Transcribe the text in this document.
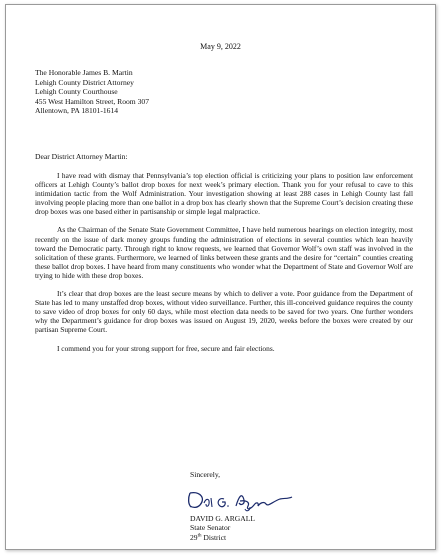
May 9, 2022
The Honorable James B. Martin
Lehigh County District Attorney
Lehigh County Courthouse
455 West Hamilton Street, Room 307
Allentown, PA 18101-1614
Dear District Attorney Martin:

I have read with dismay that Pennsylvania’s top election official is criticizing your plans to position law enforcement officers at Lehigh County’s ballot drop boxes for next week’s primary election. Thank you for your refusal to cave to this intimidation tactic from the Wolf Administration. Your investigation showing at least 288 cases in Lehigh County last fall involving people placing more than one ballot in a drop box has clearly shown that the Supreme Court’s decision creating these drop boxes was one based either in partisanship or simple legal malpractice.

As the Chairman of the Senate State Government Committee, I have held numerous hearings on election integrity, most recently on the issue of dark money groups funding the administration of elections in several counties which lean heavily toward the Democratic party. Through right to know requests, we learned that Governor Wolf’s own staff was involved in the solicitation of these grants. Furthermore, we learned of links between these grants and the desire for “certain” counties creating these ballot drop boxes. I have heard from many constituents who wonder what the Department of State and Governor Wolf are trying to hide with these drop boxes.

It’s clear that drop boxes are the least secure means by which to deliver a vote. Poor guidance from the Department of State has led to many unstaffed drop boxes, without video surveillance. Further, this ill-conceived guidance requires the county to save video of drop boxes for only 60 days, while most election data needs to be saved for two years. One further wonders why the Department’s guidance for drop boxes was issued on August 19, 2020, weeks before the boxes were created by our partisan Supreme Court.

I commend you for your strong support for free, secure and fair elections.

Sincerely,
DAVID G. ARGALL
State Senator
29th District
